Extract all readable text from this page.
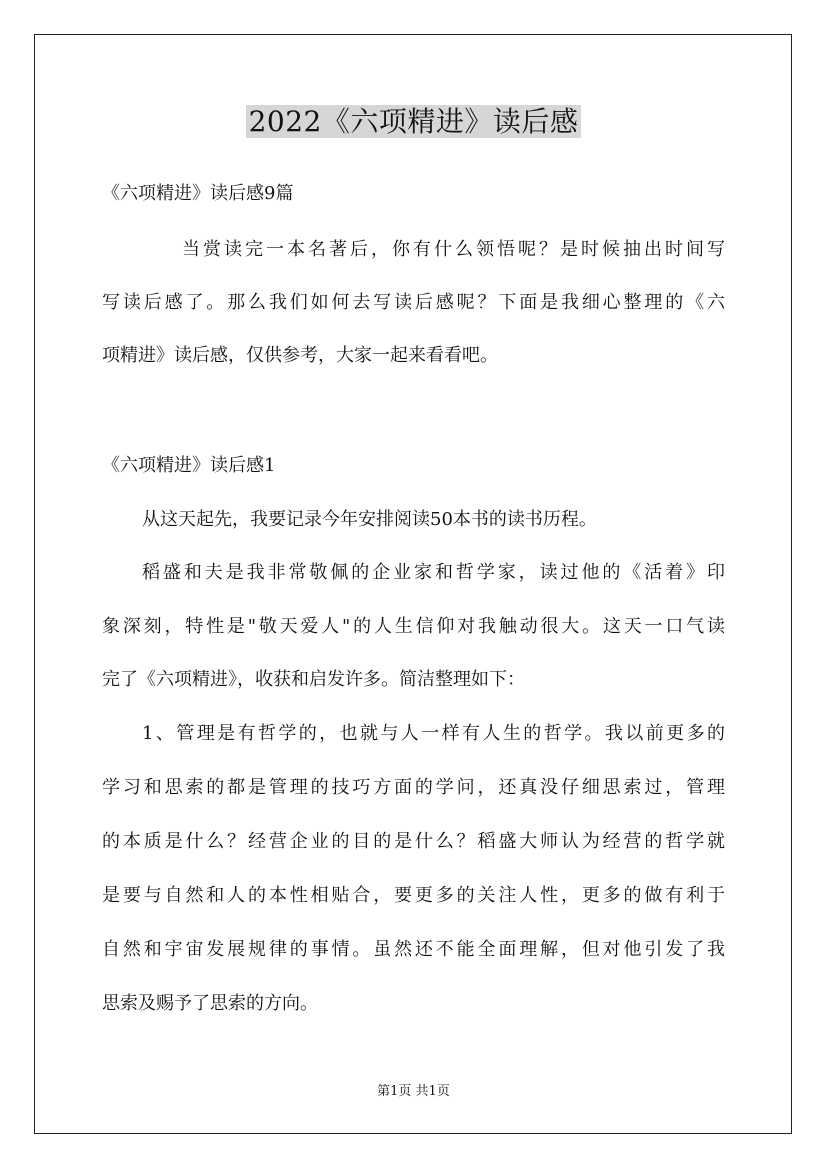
2022《六项精进》读后感
《六项精进》读后感9篇
当赏读完一本名著后，你有什么领悟呢？是时候抽出时间写
写读后感了。那么我们如何去写读后感呢？下面是我细心整理的《六
项精进》读后感，仅供参考，大家一起来看看吧。
《六项精进》读后感1
从这天起先，我要记录今年安排阅读50本书的读书历程。
稻盛和夫是我非常敬佩的企业家和哲学家，读过他的《活着》印
象深刻，特性是"敬天爱人"的人生信仰对我触动很大。这天一口气读
完了《六项精进》，收获和启发许多。简洁整理如下：
1、管理是有哲学的，也就与人一样有人生的哲学。我以前更多的
学习和思索的都是管理的技巧方面的学问，还真没仔细思索过，管理
的本质是什么？经营企业的目的是什么？稻盛大师认为经营的哲学就
是要与自然和人的本性相贴合，要更多的关注人性，更多的做有利于
自然和宇宙发展规律的事情。虽然还不能全面理解，但对他引发了我
思索及赐予了思索的方向。
第1页 共1页
